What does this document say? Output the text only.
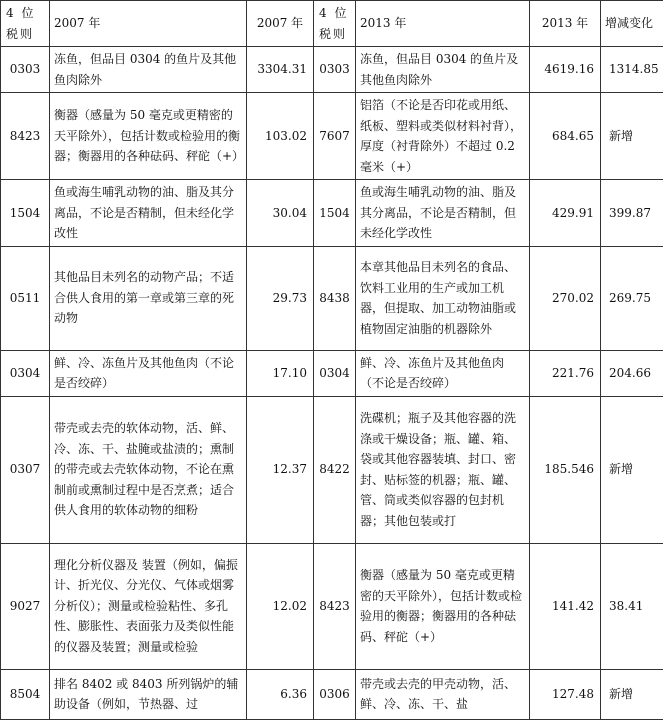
4 位税则	2007 年	2007 年	4 位税则	2013 年	2013 年	增减变化
0303	冻鱼，但品目 0304 的鱼片及其他鱼肉除外	3304.31	0303	冻鱼，但品目 0304 的鱼片及其他鱼肉除外	4619.16	1314.85
8423	衡器（感量为 50 毫克或更精密的天平除外），包括计数或检验用的衡器；衡器用的各种砝码、秤砣（+）	103.02	7607	铝箔（不论是否印花或用纸、纸板、塑料或类似材料衬背），厚度（衬背除外）不超过 0.2 毫米（+）	684.65	新增
1504	鱼或海生哺乳动物的油、脂及其分离品，不论是否精制，但未经化学改性	30.04	1504	鱼或海生哺乳动物的油、脂及其分离品，不论是否精制，但未经化学改性	429.91	399.87
0511	其他品目未列名的动物产品；不适合供人食用的第一章或第三章的死动物	29.73	8438	本章其他品目未列名的食品、饮料工业用的生产或加工机器，但提取、加工动物油脂或植物固定油脂的机器除外	270.02	269.75
0304	鲜、冷、冻鱼片及其他鱼肉（不论是否绞碎）	17.10	0304	鲜、冷、冻鱼片及其他鱼肉（不论是否绞碎）	221.76	204.66
0307	带壳或去壳的软体动物，活、鲜、冷、冻、干、盐腌或盐渍的；熏制的带壳或去壳软体动物，不论在熏制前或熏制过程中是否烹煮；适合供人食用的软体动物的细粉	12.37	8422	洗碟机；瓶子及其他容器的洗涤或干燥设备；瓶、罐、箱、袋或其他容器装填、封口、密封、贴标签的机器；瓶、罐、管、筒或类似容器的包封机器；其他包装或打	185.546	新增
9027	理化分析仪器及 装置（例如，偏振计、折光仪、分光仪、气体或烟雾分析仪）；测量或检验粘性、多孔性、膨胀性、表面张力及类似性能的仪器及装置；测量或检验	12.02	8423	衡器（感量为 50 毫克或更精密的天平除外），包括计数或检验用的衡器；衡器用的各种砝码、秤砣（+）	141.42	38.41
8504	排名 8402 或 8403 所列锅炉的辅助设备（例如，节热器、过	6.36	0306	带壳或去壳的甲壳动物，活、鲜、冷、冻、干、盐	127.48	新增
